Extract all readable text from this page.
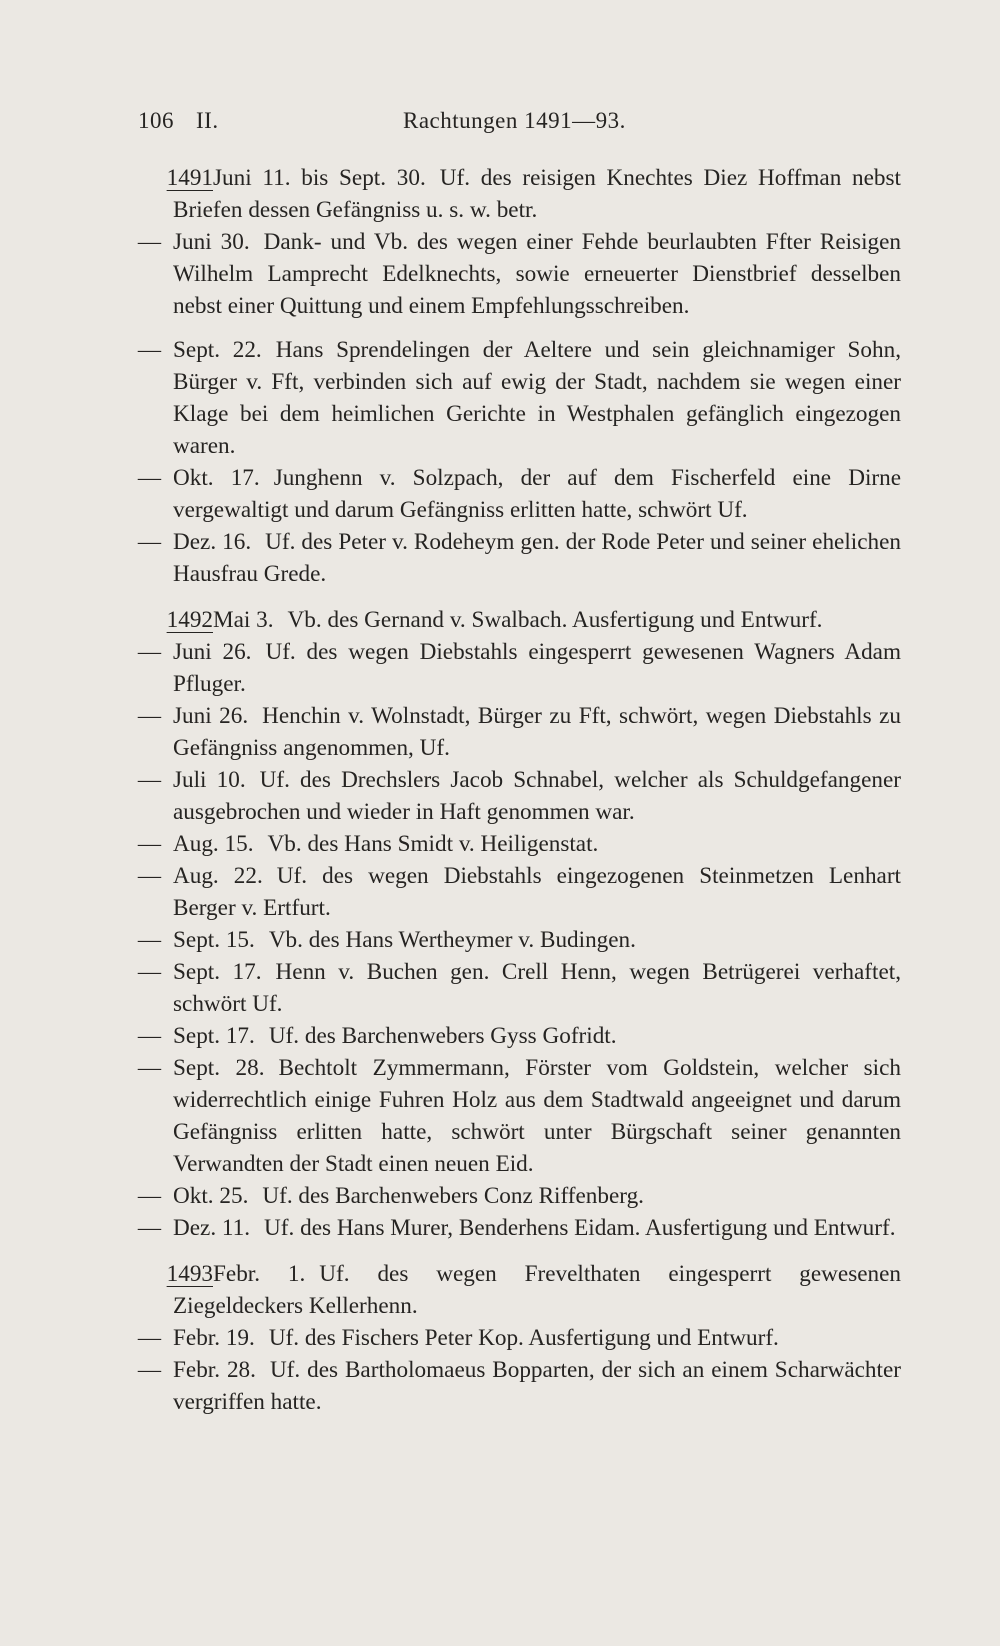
106 II.	Rachtungen 1491—93.
1491 Juni 11. bis Sept. 30. Uf. des reisigen Knechtes Diez Hoffman nebst Briefen dessen Gefängniss u. s. w. betr.
— Juni 30. Dank- und Vb. des wegen einer Fehde beurlaubten Ffter Reisigen Wilhelm Lamprecht Edelknechts, sowie erneuerter Dienstbrief desselben nebst einer Quittung und einem Empfehlungsschreiben.
— Sept. 22. Hans Sprendelingen der Aeltere und sein gleichnamiger Sohn, Bürger v. Fft, verbinden sich auf ewig der Stadt, nachdem sie wegen einer Klage bei dem heimlichen Gerichte in Westphalen gefänglich eingezogen waren.
— Okt. 17. Junghenn v. Solzpach, der auf dem Fischerfeld eine Dirne vergewaltigt und darum Gefängniss erlitten hatte, schwört Uf.
— Dez. 16. Uf. des Peter v. Rodeheym gen. der Rode Peter und seiner ehelichen Hausfrau Grede.
1492 Mai 3. Vb. des Gernand v. Swalbach. Ausfertigung und Entwurf.
— Juni 26. Uf. des wegen Diebstahls eingesperrt gewesenen Wagners Adam Pfluger.
— Juni 26. Henchin v. Wolnstadt, Bürger zu Fft, schwört, wegen Diebstahls zu Gefängniss angenommen, Uf.
— Juli 10. Uf. des Drechslers Jacob Schnabel, welcher als Schuldgefangener ausgebrochen und wieder in Haft genommen war.
— Aug. 15. Vb. des Hans Smidt v. Heiligenstat.
— Aug. 22. Uf. des wegen Diebstahls eingezogenen Steinmetzen Lenhart Berger v. Ertfurt.
— Sept. 15. Vb. des Hans Wertheymer v. Budingen.
— Sept. 17. Henn v. Buchen gen. Crell Henn, wegen Betrügerei verhaftet, schwört Uf.
— Sept. 17. Uf. des Barchenwebers Gyss Gofridt.
— Sept. 28. Bechtolt Zymmermann, Förster vom Goldstein, welcher sich widerrechtlich einige Fuhren Holz aus dem Stadtwald angeeignet und darum Gefängniss erlitten hatte, schwört unter Bürgschaft seiner genannten Verwandten der Stadt einen neuen Eid.
— Okt. 25. Uf. des Barchenwebers Conz Riffenberg.
— Dez. 11. Uf. des Hans Murer, Benderhens Eidam. Ausfertigung und Entwurf.
1493 Febr. 1. Uf. des wegen Frevelthaten eingesperrt gewesenen Ziegeldeckers Kellerhenn.
— Febr. 19. Uf. des Fischers Peter Kop. Ausfertigung und Entwurf.
— Febr. 28. Uf. des Bartholomaeus Bopparten, der sich an einem Scharwächter vergriffen hatte.
